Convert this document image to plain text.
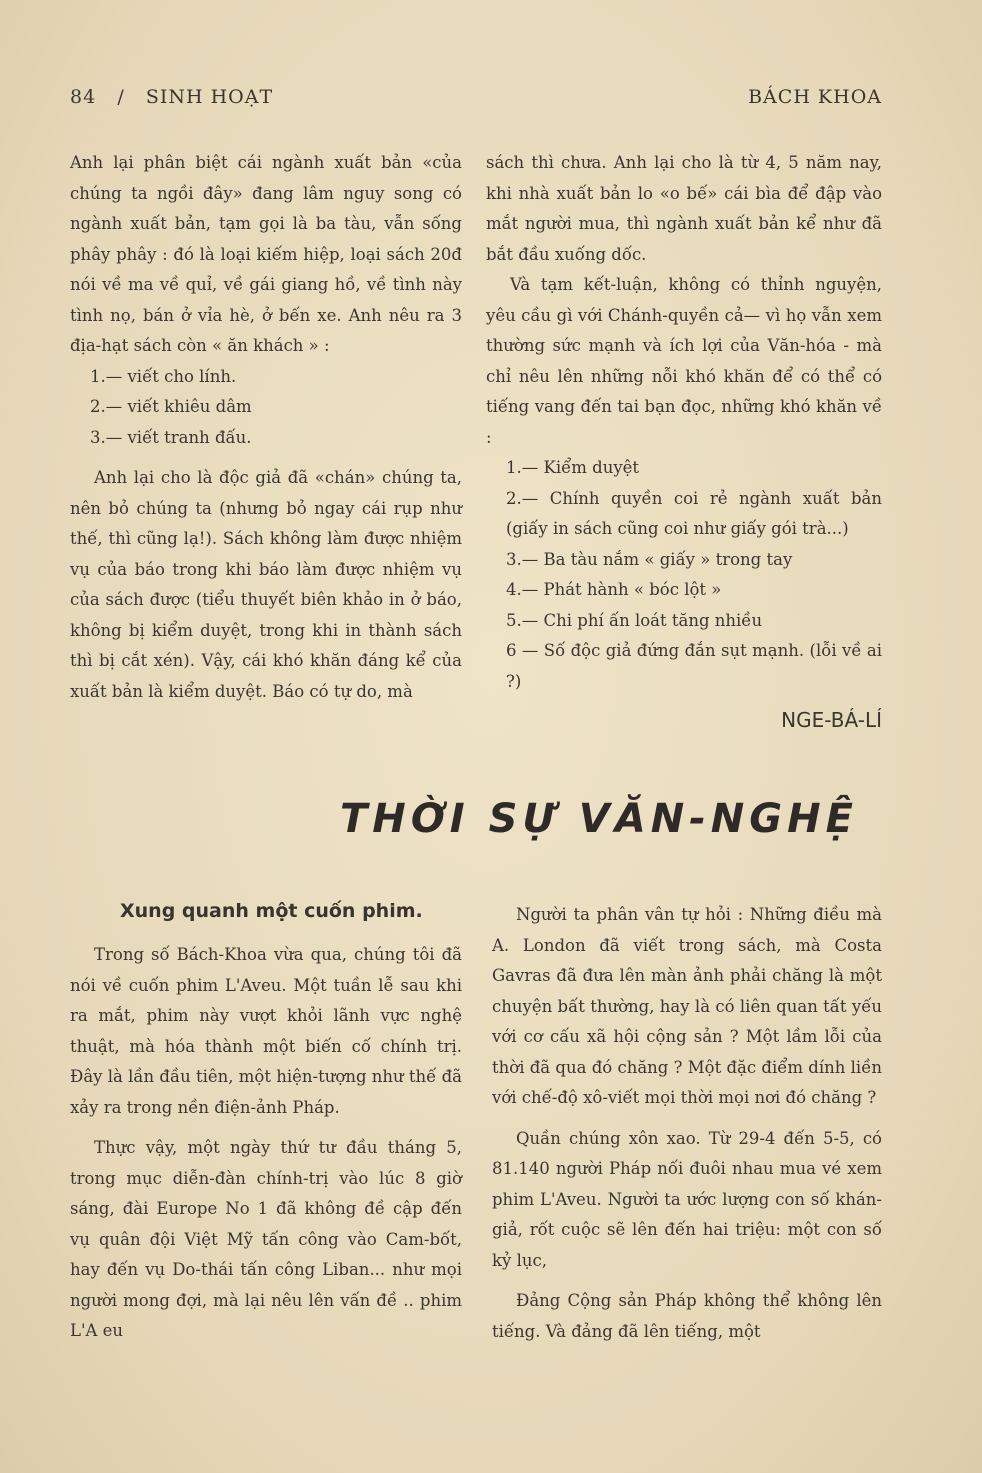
84 / SINH HOẠT	BÁCH KHOA

Anh lại phân biệt cái ngành xuất bản «của chúng ta ngồi đây» đang lâm nguy song có ngành xuất bản, tạm gọi là ba tàu, vẫn sống phây phây : đó là loại kiếm hiệp, loại sách 20đ nói về ma về quỉ, về gái giang hồ, về tình này tình nọ, bán ở vỉa hè, ở bến xe. Anh nêu ra 3 địa-hạt sách còn « ăn khách » :

1.— viết cho lính.

2.— viết khiêu dâm

3.— viết tranh đấu.

Anh lại cho là độc giả đã «chán» chúng ta, nên bỏ chúng ta (nhưng bỏ ngay cái rụp như thế, thì cũng lạ!). Sách không làm được nhiệm vụ của báo trong khi báo làm được nhiệm vụ của sách được (tiểu thuyết biên khảo in ở báo, không bị kiểm duyệt, trong khi in thành sách thì bị cắt xén). Vậy, cái khó khăn đáng kể của xuất bản là kiểm duyệt. Báo có tự do, mà

sách thì chưa. Anh lại cho là từ 4, 5 năm nay, khi nhà xuất bản lo «o bế» cái bìa để đập vào mắt người mua, thì ngành xuất bản kể như đã bắt đầu xuống dốc.

Và tạm kết-luận, không có thỉnh nguyện, yêu cầu gì với Chánh-quyền cả— vì họ vẫn xem thường sức mạnh và ích lợi của Văn-hóa - mà chỉ nêu lên những nỗi khó khăn để có thể có tiếng vang đến tai bạn đọc, những khó khăn về :

1.— Kiểm duyệt

2.— Chính quyền coi rẻ ngành xuất bản (giấy in sách cũng coi như giấy gói trà...)

3.— Ba tàu nắm « giấy » trong tay

4.— Phát hành « bóc lột »

5.— Chi phí ấn loát tăng nhiều

6 — Số độc giả đứng đắn sụt mạnh. (lỗi về ai ?)

NGE-BÁ-LÍ

THỜI SỰ VĂN-NGHỆ
Xung quanh một cuốn phim.

Trong số Bách-Khoa vừa qua, chúng tôi đã nói về cuốn phim L'Aveu. Một tuần lễ sau khi ra mắt, phim này vượt khỏi lãnh vực nghệ thuật, mà hóa thành một biến cố chính trị. Đây là lần đầu tiên, một hiện-tượng như thế đã xảy ra trong nền điện-ảnh Pháp.

Thực vậy, một ngày thứ tư đầu tháng 5, trong mục diễn-đàn chính-trị vào lúc 8 giờ sáng, đài Europe No 1 đã không đề cập đến vụ quân đội Việt Mỹ tấn công vào Cam-bốt, hay đến vụ Do-thái tấn công Liban... như mọi người mong đợi, mà lại nêu lên vấn đề .. phim L'A eu

Người ta phân vân tự hỏi : Những điều mà A. London đã viết trong sách, mà Costa Gavras đã đưa lên màn ảnh phải chăng là một chuyện bất thường, hay là có liên quan tất yếu với cơ cấu xã hội cộng sản ? Một lầm lỗi của thời đã qua đó chăng ? Một đặc điểm dính liền với chế-độ xô-viết mọi thời mọi nơi đó chăng ?

Quần chúng xôn xao. Từ 29-4 đến 5-5, có 81.140 người Pháp nối đuôi nhau mua vé xem phim L'Aveu. Người ta ước lượng con số khán-giả, rốt cuộc sẽ lên đến hai triệu: một con số kỷ lục,

Đảng Cộng sản Pháp không thể không lên tiếng. Và đảng đã lên tiếng, một
